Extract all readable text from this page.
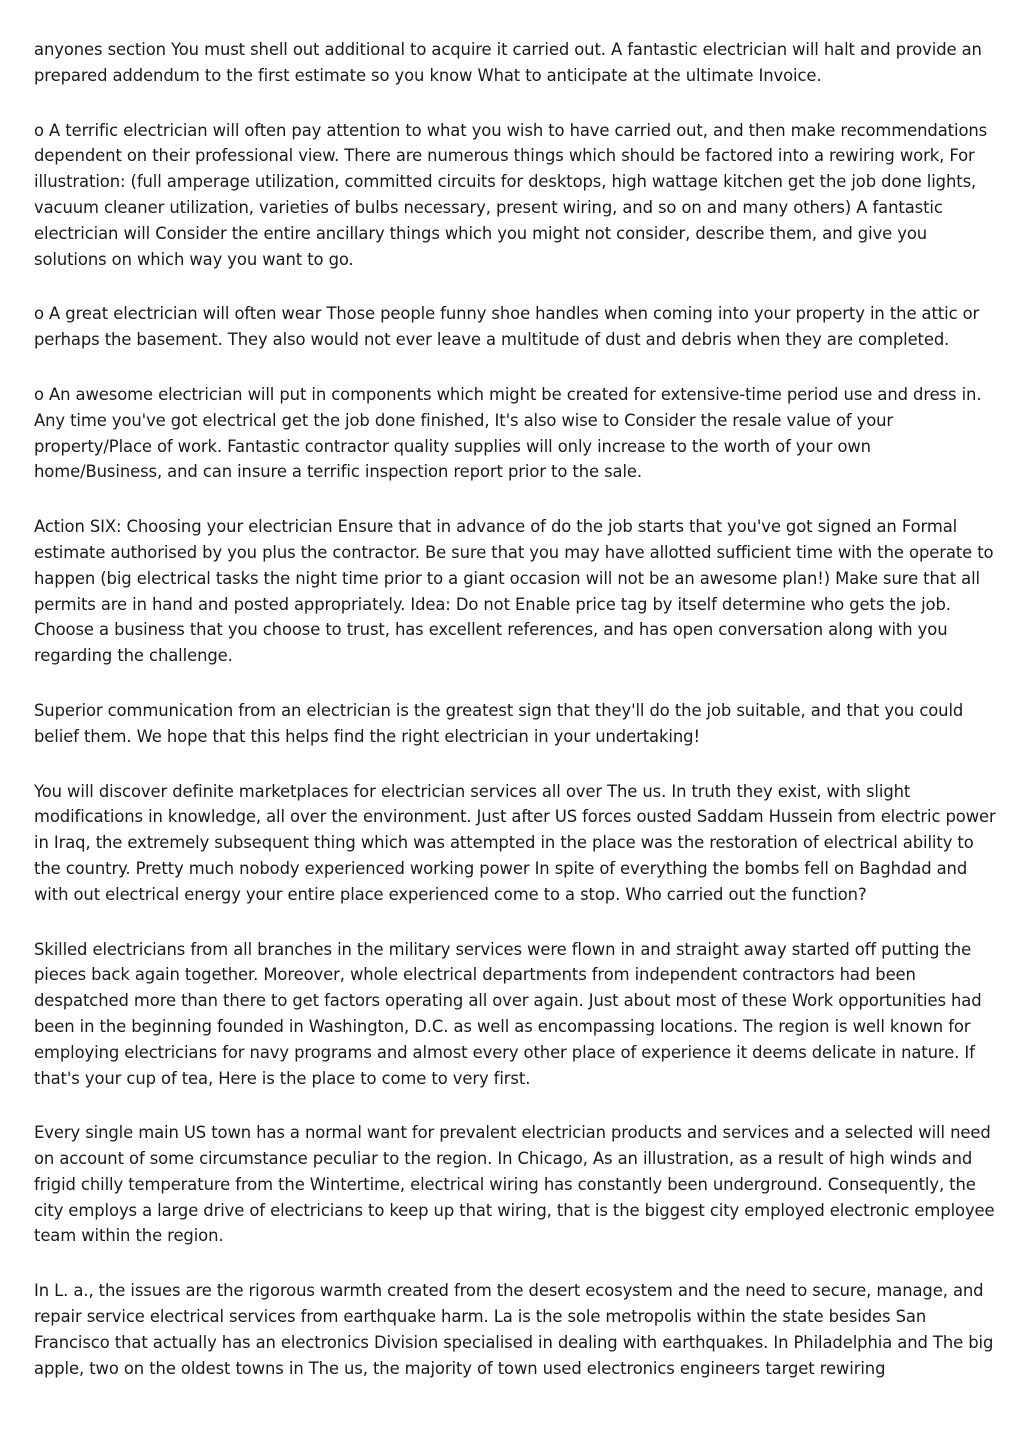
anyones section You must shell out additional to acquire it carried out. A fantastic electrician will halt and provide an prepared addendum to the first estimate so you know What to anticipate at the ultimate Invoice.

o A terrific electrician will often pay attention to what you wish to have carried out, and then make recommendations dependent on their professional view. There are numerous things which should be factored into a rewiring work, For illustration: (full amperage utilization, committed circuits for desktops, high wattage kitchen get the job done lights, vacuum cleaner utilization, varieties of bulbs necessary, present wiring, and so on and many others) A fantastic electrician will Consider the entire ancillary things which you might not consider, describe them, and give you solutions on which way you want to go.

o A great electrician will often wear Those people funny shoe handles when coming into your property in the attic or perhaps the basement. They also would not ever leave a multitude of dust and debris when they are completed.

o An awesome electrician will put in components which might be created for extensive-time period use and dress in. Any time you've got electrical get the job done finished, It's also wise to Consider the resale value of your property/Place of work. Fantastic contractor quality supplies will only increase to the worth of your own home/Business, and can insure a terrific inspection report prior to the sale.

Action SIX: Choosing your electrician Ensure that in advance of do the job starts that you've got signed an Formal estimate authorised by you plus the contractor. Be sure that you may have allotted sufficient time with the operate to happen (big electrical tasks the night time prior to a giant occasion will not be an awesome plan!) Make sure that all permits are in hand and posted appropriately. Idea: Do not Enable price tag by itself determine who gets the job. Choose a business that you choose to trust, has excellent references, and has open conversation along with you regarding the challenge.

Superior communication from an electrician is the greatest sign that they'll do the job suitable, and that you could belief them. We hope that this helps find the right electrician in your undertaking!

You will discover definite marketplaces for electrician services all over The us. In truth they exist, with slight modifications in knowledge, all over the environment. Just after US forces ousted Saddam Hussein from electric power in Iraq, the extremely subsequent thing which was attempted in the place was the restoration of electrical ability to the country. Pretty much nobody experienced working power In spite of everything the bombs fell on Baghdad and with out electrical energy your entire place experienced come to a stop. Who carried out the function?

Skilled electricians from all branches in the military services were flown in and straight away started off putting the pieces back again together. Moreover, whole electrical departments from independent contractors had been despatched more than there to get factors operating all over again. Just about most of these Work opportunities had been in the beginning founded in Washington, D.C. as well as encompassing locations. The region is well known for employing electricians for navy programs and almost every other place of experience it deems delicate in nature. If that's your cup of tea, Here is the place to come to very first.

Every single main US town has a normal want for prevalent electrician products and services and a selected will need on account of some circumstance peculiar to the region. In Chicago, As an illustration, as a result of high winds and frigid chilly temperature from the Wintertime, electrical wiring has constantly been underground. Consequently, the city employs a large drive of electricians to keep up that wiring, that is the biggest city employed electronic employee team within the region.

In L. a., the issues are the rigorous warmth created from the desert ecosystem and the need to secure, manage, and repair service electrical services from earthquake harm. La is the sole metropolis within the state besides San Francisco that actually has an electronics Division specialised in dealing with earthquakes. In Philadelphia and The big apple, two on the oldest towns in The us, the majority of town used electronics engineers target rewiring
